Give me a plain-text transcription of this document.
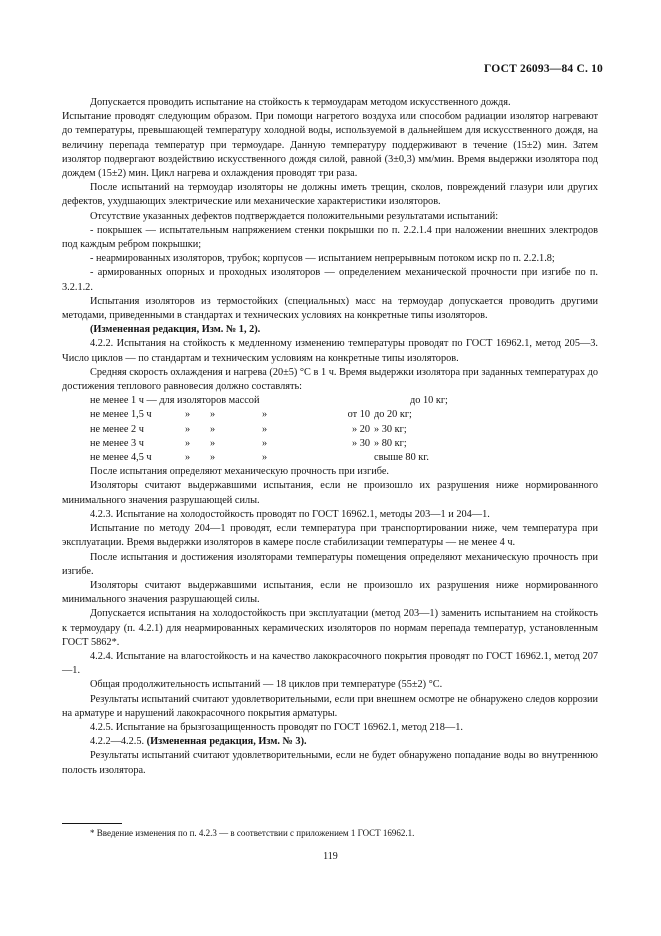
ГОСТ 26093—84 С. 10

Допускается проводить испытание на стойкость к термоударам методом искусственного дождя.

Испытание проводят следующим образом. При помощи нагретого воздуха или способом радиации изолятор нагревают до температуры, превышающей температуру холодной воды, используемой в дальнейшем для искусственного дождя, на величину перепада температур при термоударе. Данную температуру поддерживают в течение (15±2) мин. Затем изолятор подвергают воздействию искусственного дождя силой, равной (3±0,3) мм/мин. Время выдержки изолятора под дождем (15±2) мин. Цикл нагрева и охлаждения проводят три раза.

После испытаний на термоудар изоляторы не должны иметь трещин, сколов, повреждений глазури или других дефектов, ухудшающих электрические или механические характеристики изоляторов.

Отсутствие указанных дефектов подтверждается положительными результатами испытаний:

- покрышек — испытательным напряжением стенки покрышки по п. 2.2.1.4 при наложении внешних электродов под каждым ребром покрышки;

- неармированных изоляторов, трубок; корпусов — испытанием непрерывным потоком искр по п. 2.2.1.8;

- армированных опорных и проходных изоляторов — определением механической прочности при изгибе по п. 3.2.1.2.

Испытания изоляторов из термостойких (специальных) масс на термоудар допускается проводить другими методами, приведенными в стандартах и технических условиях на конкретные типы изоляторов.

(Измененная редакция, Изм. № 1, 2).

4.2.2. Испытания на стойкость к медленному изменению температуры проводят по ГОСТ 16962.1, метод 205—3. Число циклов — по стандартам и техническим условиям на конкретные типы изоляторов.

Средняя скорость охлаждения и нагрева (20±5) °С в 1 ч. Время выдержки изолятора при заданных температурах до достижения теплового равновесия должно составлять:

не менее 1 ч — для изоляторов массой					до 10 кг;
не менее 1,5 ч	»	»	»	от 10	до 20 кг;
не менее 2 ч	»	»	»	» 20	» 30 кг;
не менее 3 ч	»	»	»	» 30	» 80 кг;
не менее 4,5 ч	»	»	»		свыше 80 кг.

После испытания определяют механическую прочность при изгибе.

Изоляторы считают выдержавшими испытания, если не произошло их разрушения ниже нормированного минимального значения разрушающей силы.

4.2.3. Испытание на холодостойкость проводят по ГОСТ 16962.1, методы 203—1 и 204—1.

Испытание по методу 204—1 проводят, если температура при транспортировании ниже, чем температура при эксплуатации. Время выдержки изоляторов в камере после стабилизации температуры — не менее 4 ч.

После испытания и достижения изоляторами температуры помещения определяют механическую прочность при изгибе.

Изоляторы считают выдержавшими испытания, если не произошло их разрушения ниже нормированного минимального значения разрушающей силы.

Допускается испытания на холодостойкость при эксплуатации (метод 203—1) заменить испытанием на стойкость к термоудару (п. 4.2.1) для неармированных керамических изоляторов по нормам перепада температур, установленным ГОСТ 5862*.

4.2.4. Испытание на влагостойкость и на качество лакокрасочного покрытия проводят по ГОСТ 16962.1, метод 207—1.

Общая продолжительность испытаний — 18 циклов при температуре (55±2) °С.

Результаты испытаний считают удовлетворительными, если при внешнем осмотре не обнаружено следов коррозии на арматуре и нарушений лакокрасочного покрытия арматуры.

4.2.5. Испытание на брызгозащищенность проводят по ГОСТ 16962.1, метод 218—1.

4.2.2—4.2.5. (Измененная редакция, Изм. № 3).

Результаты испытаний считают удовлетворительными, если не будет обнаружено попадание воды во внутреннюю полость изолятора.

* Введение изменения по п. 4.2.3 — в соответствии с приложением 1 ГОСТ 16962.1.
119
